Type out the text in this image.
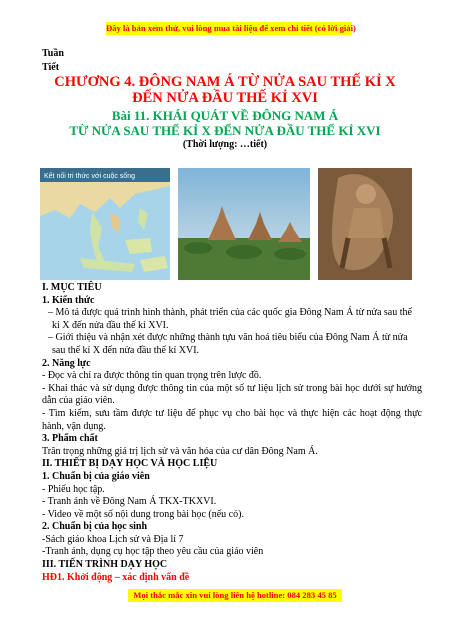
Đây là bản xem thử, vui lòng mua tài liệu để xem chi tiết (có lời giải)
Tuần
Tiết
CHƯƠNG 4. ĐÔNG NAM Á TỪ NỬA SAU THẾ KỈ X
ĐẾN NỬA ĐẦU THẾ KỈ XVI
Bài 11. KHÁI QUÁT VỀ ĐÔNG NAM Á
TỪ NỬA SAU THẾ KỈ X ĐẾN NỬA ĐẦU THẾ KỈ XVI
(Thời lượng: …tiết)
Kết nối tri thức với cuộc sống

I. MỤC TIÊU

1. Kiến thức

– Mô tả được quá trình hình thành, phát triển của các quốc gia Đông Nam Á từ nửa sau thế kỉ X đến nửa đầu thế kỉ XVI.

– Giới thiệu và nhận xét được những thành tựu văn hoá tiêu biểu của Đông Nam Á từ nửa sau thế kỉ X đến nửa đầu thế kỉ XVI.

2. Năng lực

- Đọc và chỉ ra được thông tin quan trọng trên lược đồ.

- Khai thác và sử dụng được thông tin của một số tư liệu lịch sử trong bài học dưới sự hướng dẫn của giáo viên.

- Tìm kiếm, sưu tầm được tư liệu để phục vụ cho bài học và thực hiện các hoạt động thực hành, vận dụng.

3. Phẩm chất

Trân trọng những giá trị lịch sử và văn hóa của cư dân Đông Nam Á.

II. THIẾT BỊ DẠY HỌC VÀ HỌC LIỆU

1. Chuẩn bị của giáo viên

- Phiếu học tập.

- Tranh ảnh về Đông Nam Á TKX-TKXVI.

- Video về một số nội dung trong bài học (nếu có).

2. Chuẩn bị của học sinh

-Sách giáo khoa Lịch sử và Địa lí 7

-Tranh ảnh, dụng cụ học tập theo yêu cầu của giáo viên

III. TIẾN TRÌNH DẠY HỌC

HĐ1. Khởi động – xác định vấn đề

Mọi thắc mắc xin vui lòng liên hệ hotline: 084 283 45 85
